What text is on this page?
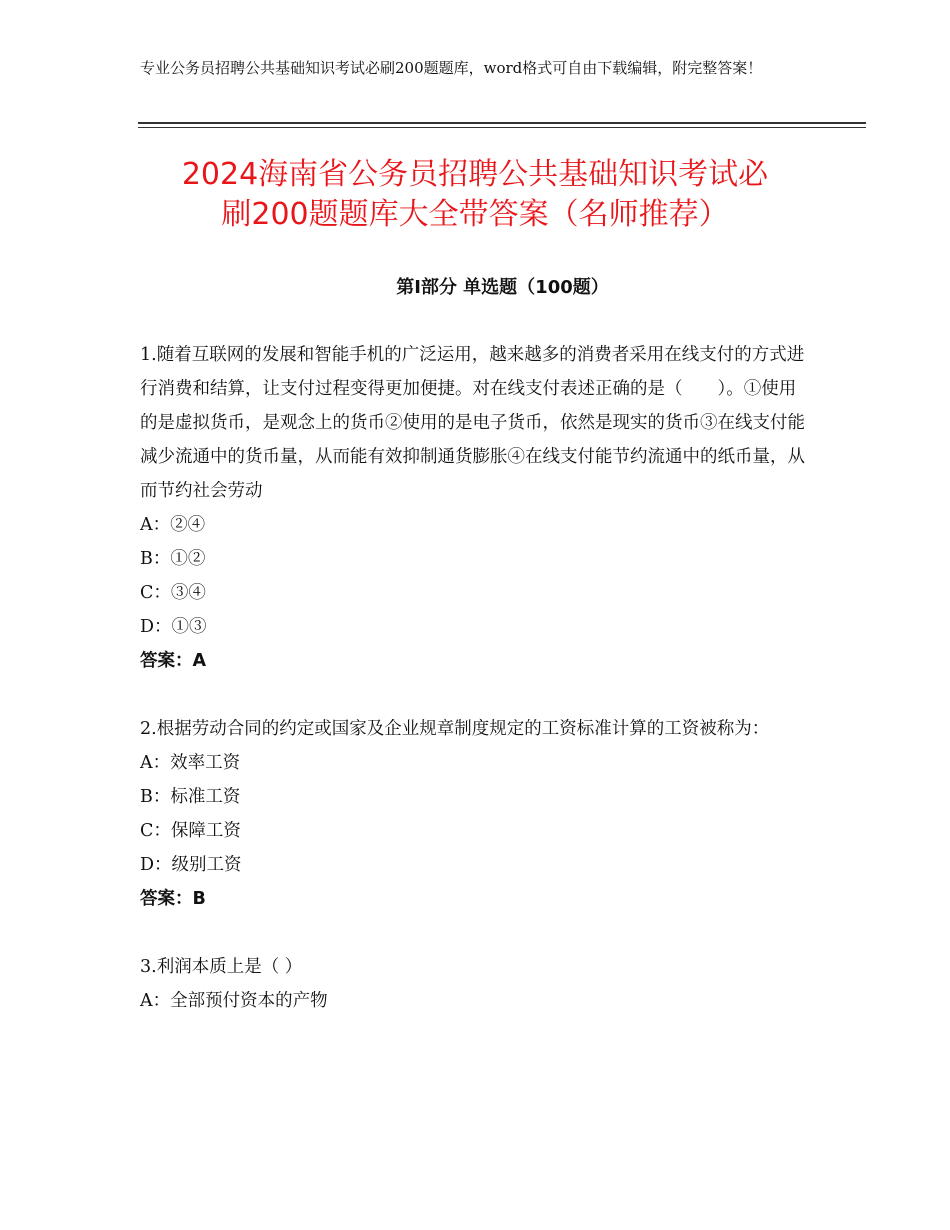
专业公务员招聘公共基础知识考试必刷200题题库，word格式可自由下载编辑，附完整答案！
2024海南省公务员招聘公共基础知识考试必
刷200题题库大全带答案（名师推荐）
第Ⅰ部分 单选题（100题）

1.随着互联网的发展和智能手机的广泛运用，越来越多的消费者采用在线支付的方式进行消费和结算，让支付过程变得更加便捷。对在线支付表述正确的是（　　）。①使用的是虚拟货币，是观念上的货币②使用的是电子货币，依然是现实的货币③在线支付能减少流通中的货币量，从而能有效抑制通货膨胀④在线支付能节约流通中的纸币量，从而节约社会劳动

A：②④

B：①②

C：③④

D：①③

答案：A

2.根据劳动合同的约定或国家及企业规章制度规定的工资标准计算的工资被称为：

A：效率工资

B：标准工资

C：保障工资

D：级别工资

答案：B

3.利润本质上是（ ）

A：全部预付资本的产物
